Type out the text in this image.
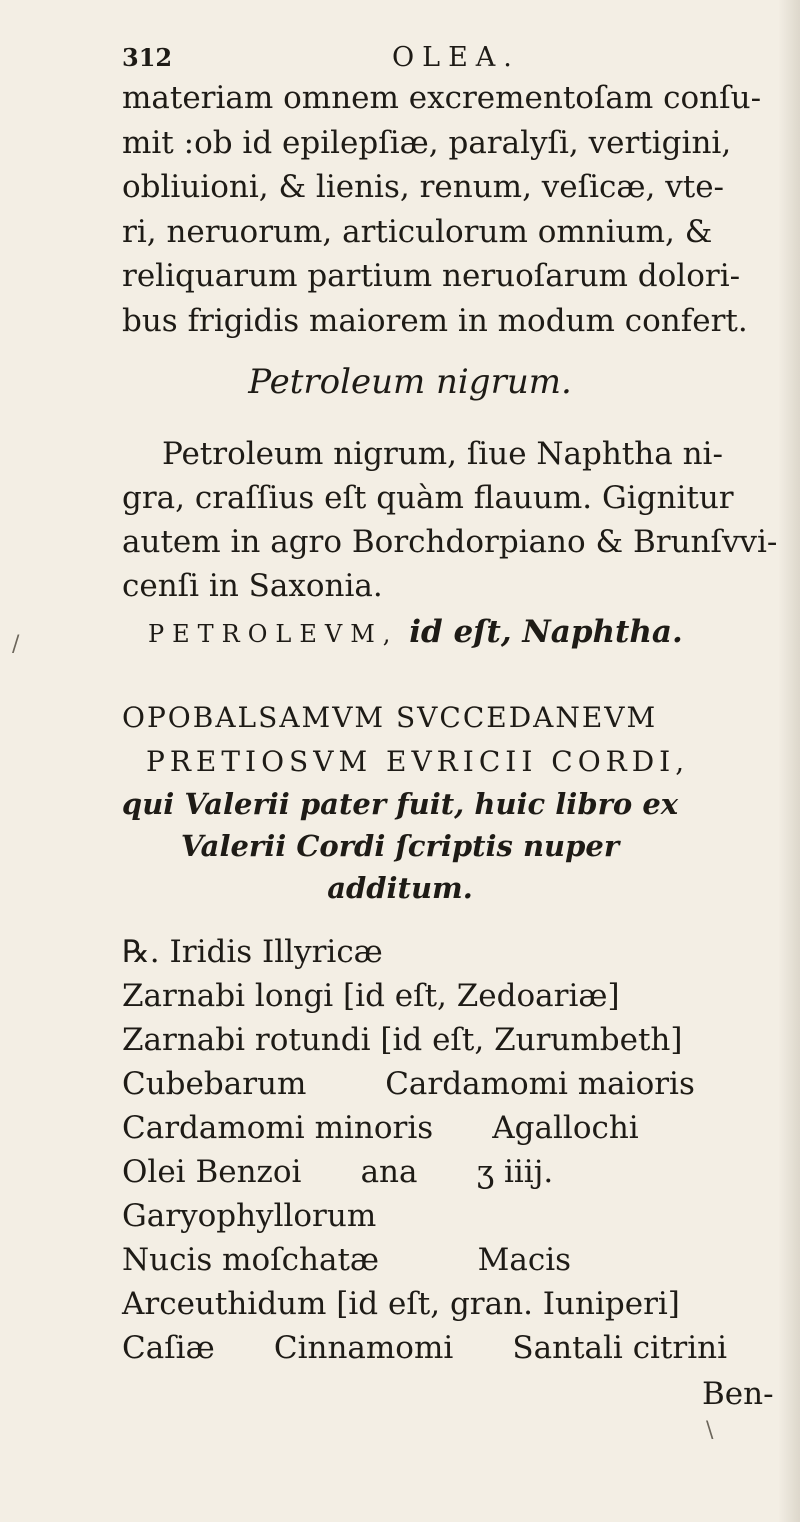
312	OLEA.
materiam omnem excrementoſam conſu-
mit :ob id epilepſiæ, paralyſi, vertigini,
obliuioni, & lienis, renum, veſicæ, vte-
ri, neruorum, articulorum omnium, &
reliquarum partium neruoſarum dolori-
bus frigidis maiorem in modum confert.
Petroleum nigrum.
Petroleum nigrum, ſiue Naphtha ni-
gra, craſſius eſt quàm flauum. Gignitur
autem in agro Borchdorpiano & Brunſvvi-
cenſi in Saxonia.
PETROLEVM, id eſt, Naphtha.
OPOBALSAMVM SVCCEDANEVM
PRETIOSVM EVRICII CORDI,
qui Valerii pater fuit, huic libro ex
Valerii Cordi ſcriptis nuper
additum.
℞. Iridis Illyricæ
Zarnabi longi [id eſt, Zedoariæ]
Zarnabi rotundi [id eſt, Zurumbeth]
Cubebarum        Cardamomi maioris
Cardamomi minoris      Agallochi
Olei Benzoi      ana      ʒ iiij.
Garyophyllorum
Nucis moſchatæ          Macis
Arceuthidum [id eſt, gran. Iuniperi]
Caſiæ      Cinnamomi      Santali citrini
Ben-
/
\
